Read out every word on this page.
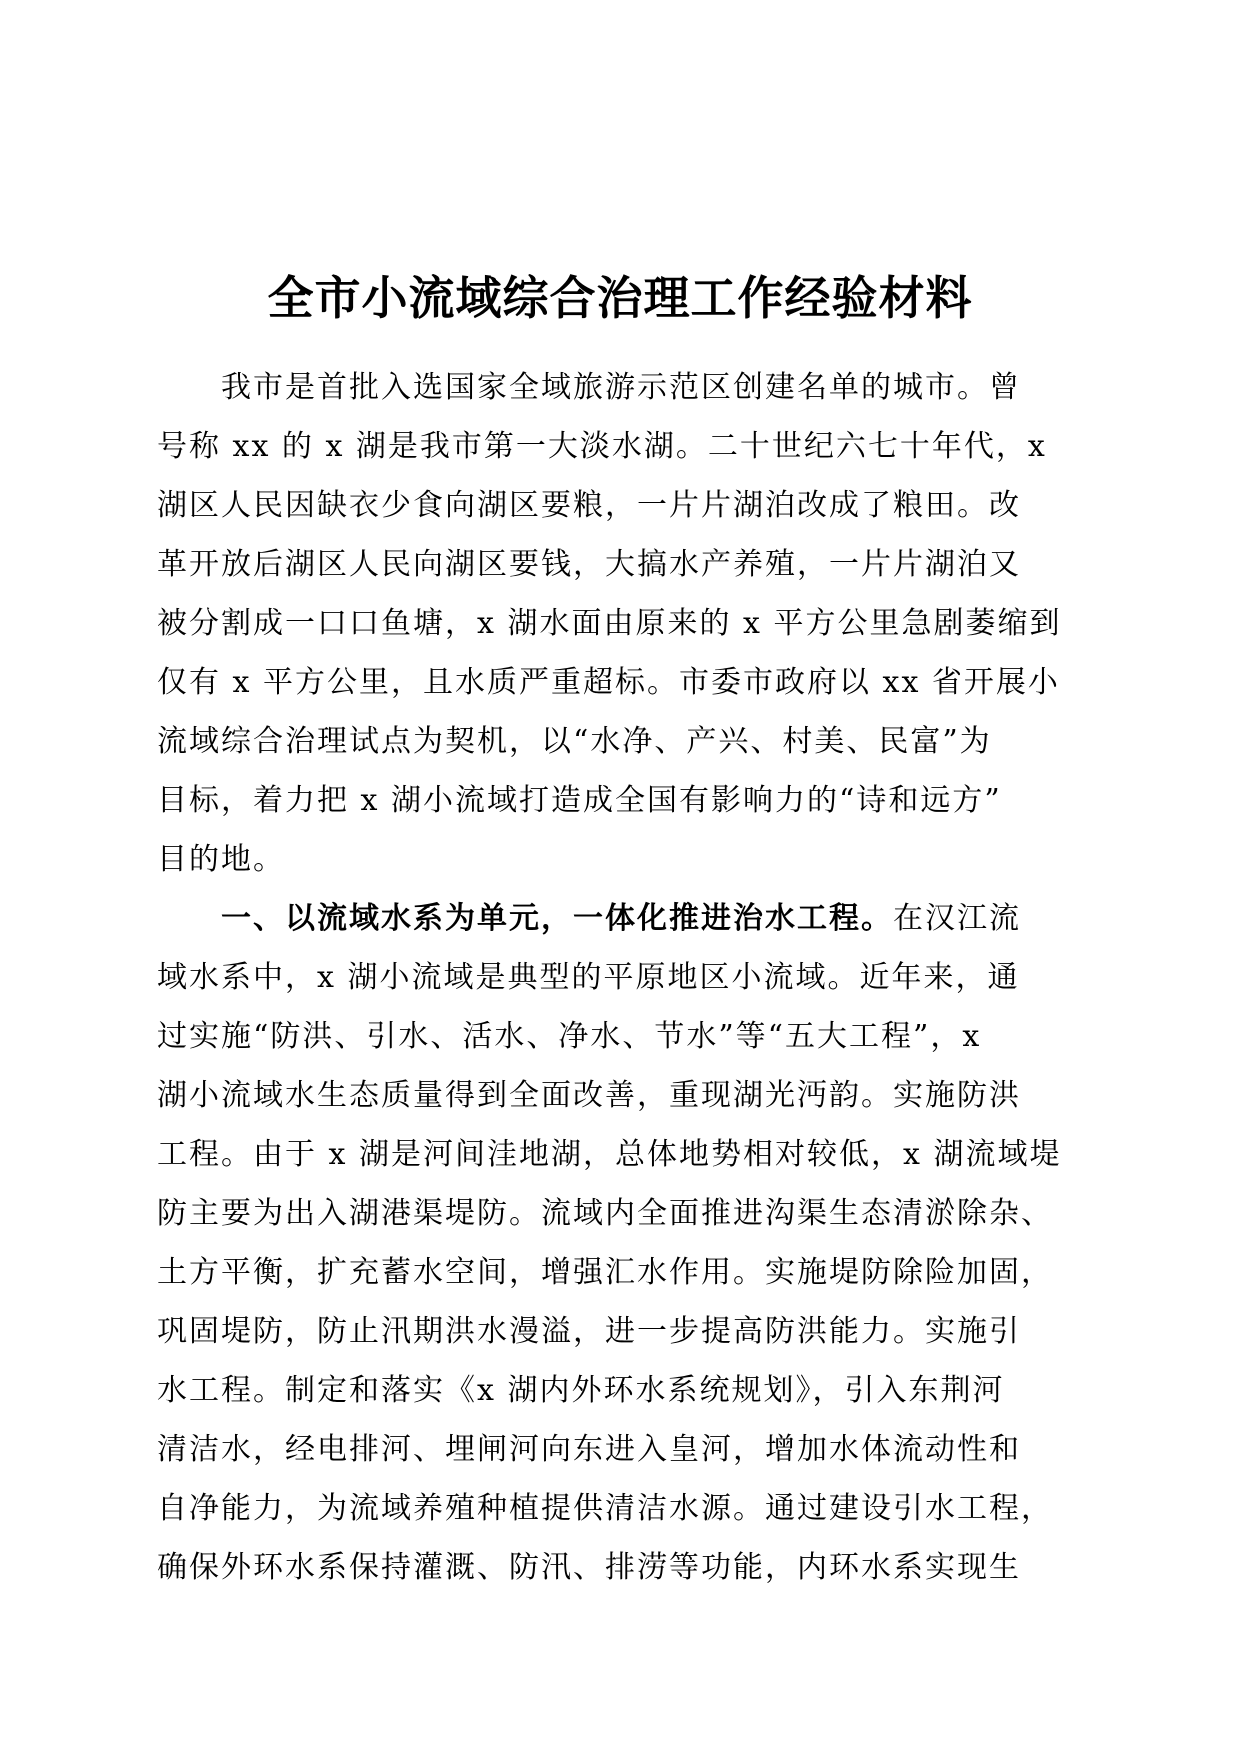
全市小流域综合治理工作经验材料
　　我市是首批入选国家全域旅游示范区创建名单的城市。曾
号称 xx 的 x 湖是我市第一大淡水湖。二十世纪六七十年代，x
湖区人民因缺衣少食向湖区要粮，一片片湖泊改成了粮田。改
革开放后湖区人民向湖区要钱，大搞水产养殖，一片片湖泊又
被分割成一口口鱼塘，x 湖水面由原来的 x 平方公里急剧萎缩到
仅有 x 平方公里，且水质严重超标。市委市政府以 xx 省开展小
流域综合治理试点为契机，以“水净、产兴、村美、民富”为
目标，着力把 x 湖小流域打造成全国有影响力的“诗和远方”
目的地。
　　一、以流域水系为单元，一体化推进治水工程。在汉江流
域水系中，x 湖小流域是典型的平原地区小流域。近年来，通
过实施“防洪、引水、活水、净水、节水”等“五大工程”，x
湖小流域水生态质量得到全面改善，重现湖光沔韵。实施防洪
工程。由于 x 湖是河间洼地湖，总体地势相对较低，x 湖流域堤
防主要为出入湖港渠堤防。流域内全面推进沟渠生态清淤除杂、
土方平衡，扩充蓄水空间，增强汇水作用。实施堤防除险加固，
巩固堤防，防止汛期洪水漫溢，进一步提高防洪能力。实施引
水工程。制定和落实《x 湖内外环水系统规划》，引入东荆河
清洁水，经电排河、埋闸河向东进入皇河，增加水体流动性和
自净能力，为流域养殖种植提供清洁水源。通过建设引水工程，
确保外环水系保持灌溉、防汛、排涝等功能，内环水系实现生
